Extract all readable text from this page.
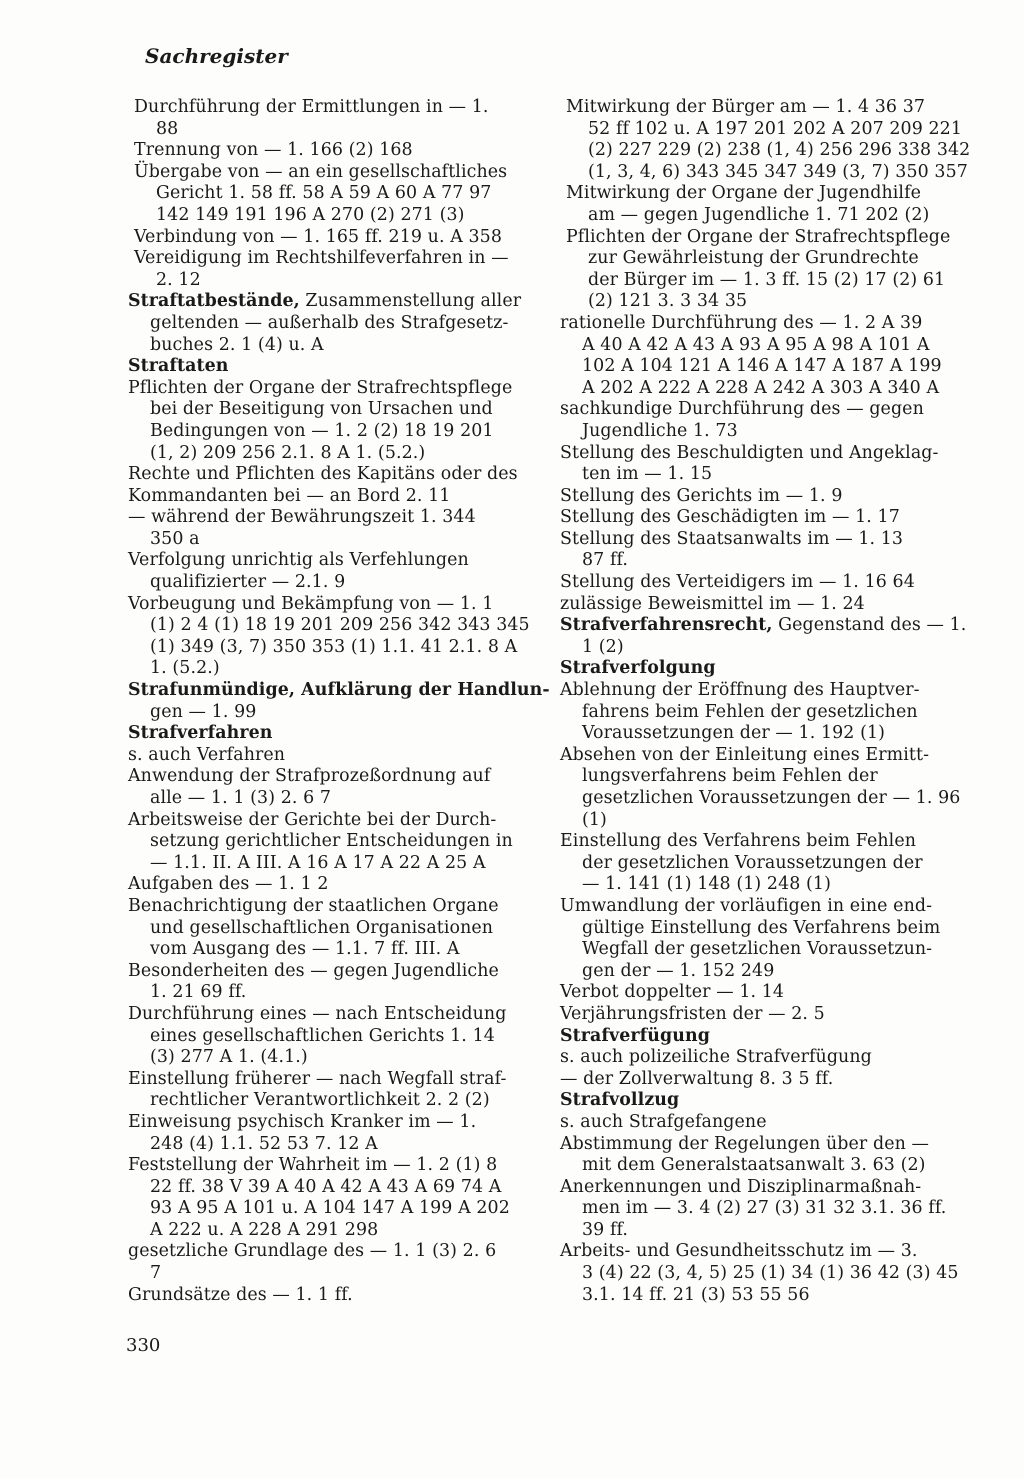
Sachregister
Durchführung der Ermittlungen in — 1.
88
Trennung von — 1. 166 (2) 168
Übergabe von — an ein gesellschaftliches
Gericht 1. 58 ff. 58 A 59 A 60 A 77 97
142 149 191 196 A 270 (2) 271 (3)
Verbindung von — 1. 165 ff. 219 u. A 358
Vereidigung im Rechtshilfeverfahren in —
2. 12
Straftatbestände, Zusammenstellung aller
geltenden — außerhalb des Strafgesetz-
buches 2. 1 (4) u. A
Straftaten
Pflichten der Organe der Strafrechtspflege
bei der Beseitigung von Ursachen und
Bedingungen von — 1. 2 (2) 18 19 201
(1, 2) 209 256 2.1. 8 A 1. (5.2.)
Rechte und Pflichten des Kapitäns oder des
Kommandanten bei — an Bord 2. 11
— während der Bewährungszeit 1. 344
350 a
Verfolgung unrichtig als Verfehlungen
qualifizierter — 2.1. 9
Vorbeugung und Bekämpfung von — 1. 1
(1) 2 4 (1) 18 19 201 209 256 342 343 345
(1) 349 (3, 7) 350 353 (1) 1.1. 41 2.1. 8 A
1. (5.2.)
Strafunmündige, Aufklärung der Handlun-
gen — 1. 99
Strafverfahren
s. auch Verfahren
Anwendung der Strafprozeßordnung auf
alle — 1. 1 (3) 2. 6 7
Arbeitsweise der Gerichte bei der Durch-
setzung gerichtlicher Entscheidungen in
— 1.1. II. A III. A 16 A 17 A 22 A 25 A
Aufgaben des — 1. 1 2
Benachrichtigung der staatlichen Organe
und gesellschaftlichen Organisationen
vom Ausgang des — 1.1. 7 ff. III. A
Besonderheiten des — gegen Jugendliche
1. 21 69 ff.
Durchführung eines — nach Entscheidung
eines gesellschaftlichen Gerichts 1. 14
(3) 277 A 1. (4.1.)
Einstellung früherer — nach Wegfall straf-
rechtlicher Verantwortlichkeit 2. 2 (2)
Einweisung psychisch Kranker im — 1.
248 (4) 1.1. 52 53 7. 12 A
Feststellung der Wahrheit im — 1. 2 (1) 8
22 ff. 38 V 39 A 40 A 42 A 43 A 69 74 A
93 A 95 A 101 u. A 104 147 A 199 A 202
A 222 u. A 228 A 291 298
gesetzliche Grundlage des — 1. 1 (3) 2. 6
7
Grundsätze des — 1. 1 ff.
Mitwirkung der Bürger am — 1. 4 36 37
52 ff 102 u. A 197 201 202 A 207 209 221
(2) 227 229 (2) 238 (1, 4) 256 296 338 342
(1, 3, 4, 6) 343 345 347 349 (3, 7) 350 357
Mitwirkung der Organe der Jugendhilfe
am — gegen Jugendliche 1. 71 202 (2)
Pflichten der Organe der Strafrechtspflege
zur Gewährleistung der Grundrechte
der Bürger im — 1. 3 ff. 15 (2) 17 (2) 61
(2) 121 3. 3 34 35
rationelle Durchführung des — 1. 2 A 39
A 40 A 42 A 43 A 93 A 95 A 98 A 101 A
102 A 104 121 A 146 A 147 A 187 A 199
A 202 A 222 A 228 A 242 A 303 A 340 A
sachkundige Durchführung des — gegen
Jugendliche 1. 73
Stellung des Beschuldigten und Angeklag-
ten im — 1. 15
Stellung des Gerichts im — 1. 9
Stellung des Geschädigten im — 1. 17
Stellung des Staatsanwalts im — 1. 13
87 ff.
Stellung des Verteidigers im — 1. 16 64
zulässige Beweismittel im — 1. 24
Strafverfahrensrecht, Gegenstand des — 1.
1 (2)
Strafverfolgung
Ablehnung der Eröffnung des Hauptver-
fahrens beim Fehlen der gesetzlichen
Voraussetzungen der — 1. 192 (1)
Absehen von der Einleitung eines Ermitt-
lungsverfahrens beim Fehlen der
gesetzlichen Voraussetzungen der — 1. 96
(1)
Einstellung des Verfahrens beim Fehlen
der gesetzlichen Voraussetzungen der
— 1. 141 (1) 148 (1) 248 (1)
Umwandlung der vorläufigen in eine end-
gültige Einstellung des Verfahrens beim
Wegfall der gesetzlichen Voraussetzun-
gen der — 1. 152 249
Verbot doppelter — 1. 14
Verjährungsfristen der — 2. 5
Strafverfügung
s. auch polizeiliche Strafverfügung
— der Zollverwaltung 8. 3 5 ff.
Strafvollzug
s. auch Strafgefangene
Abstimmung der Regelungen über den —
mit dem Generalstaatsanwalt 3. 63 (2)
Anerkennungen und Disziplinarmaßnah-
men im — 3. 4 (2) 27 (3) 31 32 3.1. 36 ff.
39 ff.
Arbeits- und Gesundheitsschutz im — 3.
3 (4) 22 (3, 4, 5) 25 (1) 34 (1) 36 42 (3) 45
3.1. 14 ff. 21 (3) 53 55 56
330
